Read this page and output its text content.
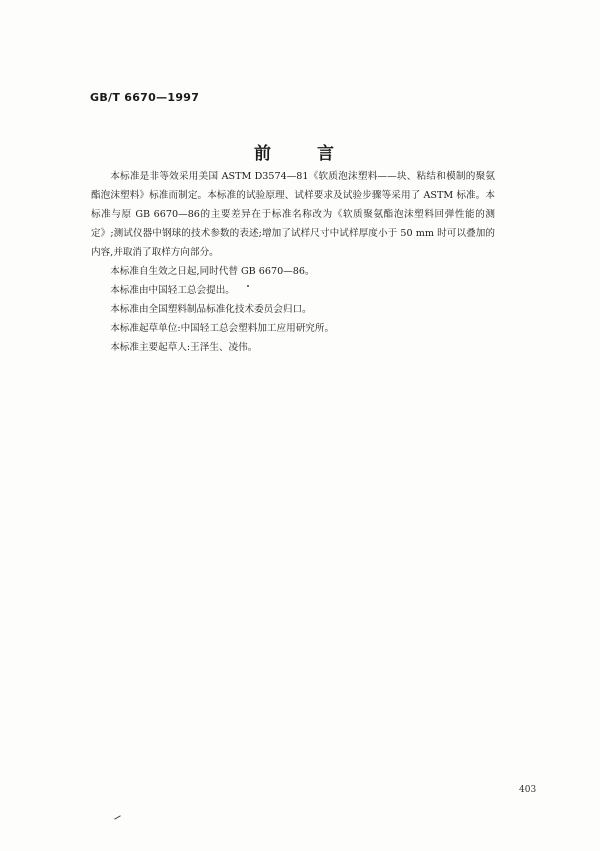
GB/T 6670—1997
前 言

本标准是非等效采用美国 ASTM D3574—81《软质泡沫塑料——块、粘结和模制的聚氨酯泡沫塑料》标准而制定。本标准的试验原理、试样要求及试验步骤等采用了 ASTM 标准。本标准与原 GB 6670—86的主要差异在于标准名称改为《软质聚氨酯泡沫塑料回弹性能的测定》;测试仪器中钢球的技术参数的表述;增加了试样尺寸中试样厚度小于 50 mm 时可以叠加的内容,并取消了取样方向部分。

本标准自生效之日起,同时代替 GB 6670—86。

本标准由中国轻工总会提出。

本标准由全国塑料制品标准化技术委员会归口。

本标准起草单位:中国轻工总会塑料加工应用研究所。

本标准主要起草人:王泽生、凌伟。

403
